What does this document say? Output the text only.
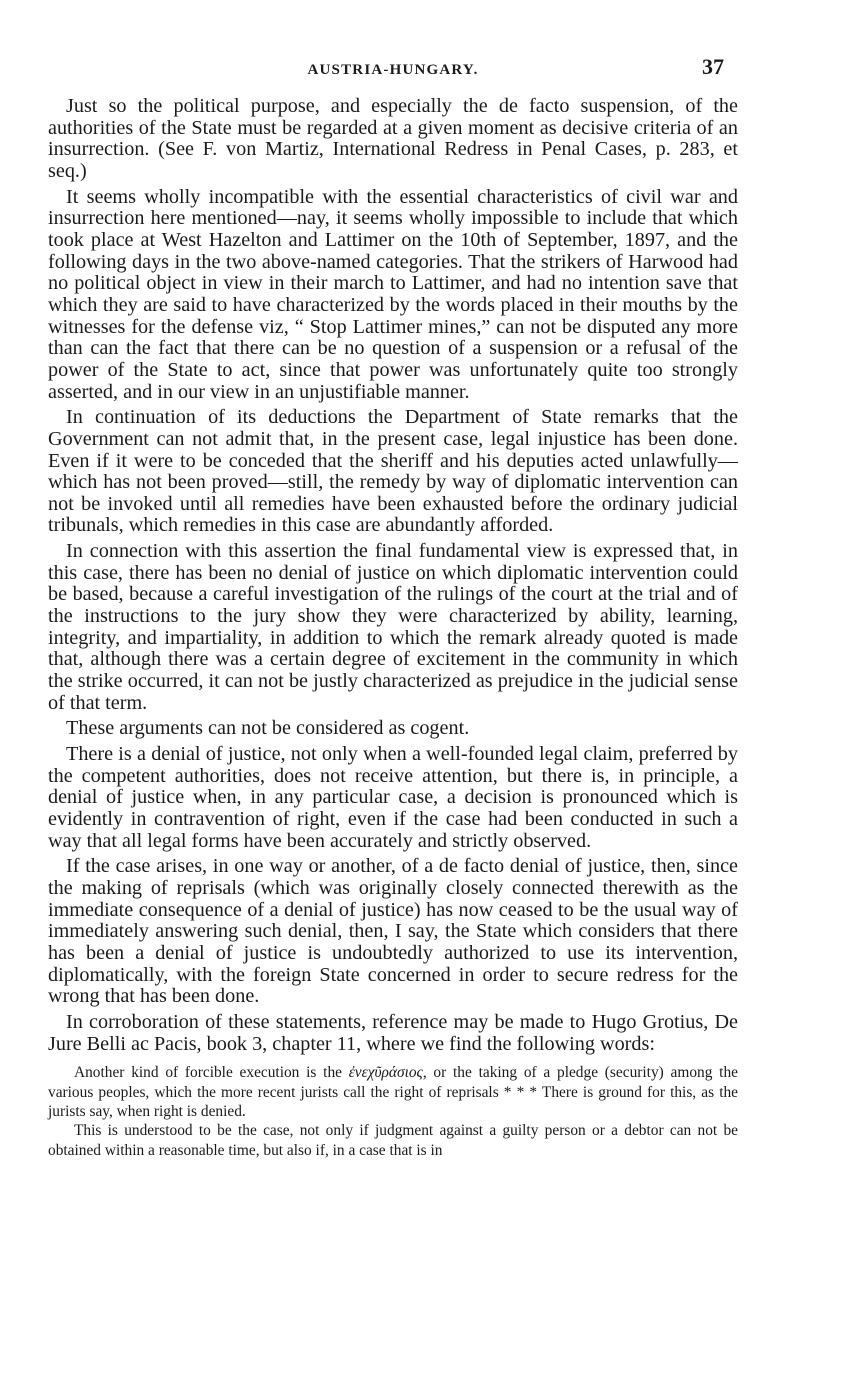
AUSTRIA-HUNGARY.	37

Just so the political purpose, and especially the de facto suspension, of the authorities of the State must be regarded at a given moment as decisive criteria of an insurrection. (See F. von Martiz, International Redress in Penal Cases, p. 283, et seq.)

It seems wholly incompatible with the essential characteristics of civil war and insurrection here mentioned—nay, it seems wholly impossible to include that which took place at West Hazelton and Lattimer on the 10th of September, 1897, and the following days in the two above-named categories. That the strikers of Harwood had no political object in view in their march to Lattimer, and had no intention save that which they are said to have characterized by the words placed in their mouths by the witnesses for the defense viz, “ Stop Lattimer mines,” can not be disputed any more than can the fact that there can be no question of a suspension or a refusal of the power of the State to act, since that power was unfortunately quite too strongly asserted, and in our view in an unjustifiable manner.

In continuation of its deductions the Department of State remarks that the Government can not admit that, in the present case, legal injustice has been done. Even if it were to be conceded that the sheriff and his deputies acted unlawfully—which has not been proved—still, the remedy by way of diplomatic intervention can not be invoked until all remedies have been exhausted before the ordinary judicial tribunals, which remedies in this case are abundantly afforded.

In connection with this assertion the final fundamental view is expressed that, in this case, there has been no denial of justice on which diplomatic intervention could be based, because a careful investigation of the rulings of the court at the trial and of the instructions to the jury show they were characterized by ability, learning, integrity, and impartiality, in addition to which the remark already quoted is made that, although there was a certain degree of excitement in the community in which the strike occurred, it can not be justly characterized as prejudice in the judicial sense of that term.

These arguments can not be considered as cogent.

There is a denial of justice, not only when a well-founded legal claim, preferred by the competent authorities, does not receive attention, but there is, in principle, a denial of justice when, in any particular case, a decision is pronounced which is evidently in contravention of right, even if the case had been conducted in such a way that all legal forms have been accurately and strictly observed.

If the case arises, in one way or another, of a de facto denial of justice, then, since the making of reprisals (which was originally closely connected therewith as the immediate consequence of a denial of justice) has now ceased to be the usual way of immediately answering such denial, then, I say, the State which considers that there has been a denial of justice is undoubtedly authorized to use its intervention, diplomatically, with the foreign State concerned in order to secure redress for the wrong that has been done.

In corroboration of these statements, reference may be made to Hugo Grotius, De Jure Belli ac Pacis, book 3, chapter 11, where we find the following words:

Another kind of forcible execution is the ἐνεχῦράσιος, or the taking of a pledge (security) among the various peoples, which the more recent jurists call the right of reprisals * * * There is ground for this, as the jurists say, when right is denied.

This is understood to be the case, not only if judgment against a guilty person or a debtor can not be obtained within a reasonable time, but also if, in a case that is in
